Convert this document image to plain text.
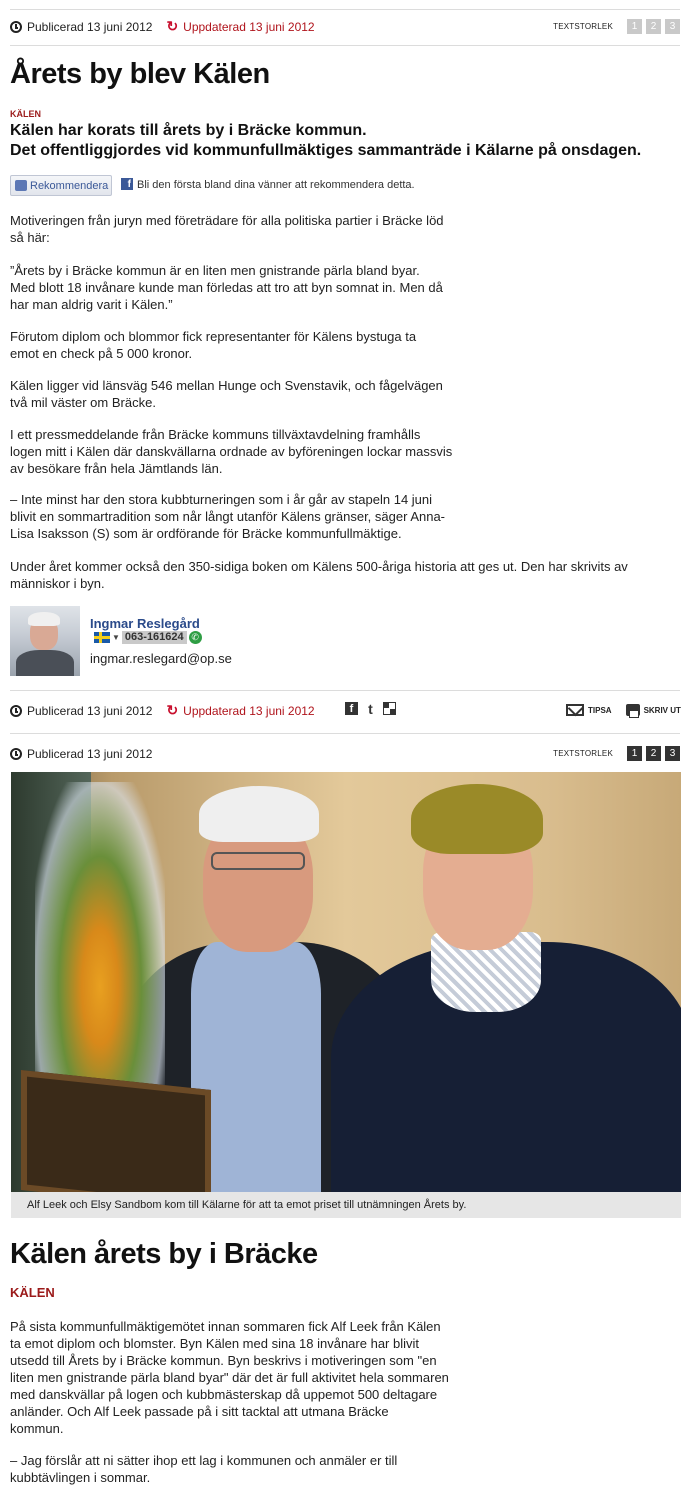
Publicerad 13 juni 2012 ↻ Uppdaterad 13 juni 2012	TEXTSTORLEK	1	2	3
Årets by blev Kälen
KÄLEN
Kälen har korats till årets by i Bräcke kommun.
Det offentliggjordes vid kommunfullmäktiges sammanträde i Kälarne på onsdagen.
Rekommendera	f Bli den första bland dina vänner att rekommendera detta.
Motiveringen från juryn med företrädare för alla politiska partier i Bräcke löd
så här:
”Årets by i Bräcke kommun är en liten men gnistrande pärla bland byar.
Med blott 18 invånare kunde man förledas att tro att byn somnat in. Men då
har man aldrig varit i Kälen.”
Förutom diplom och blommor fick representanter för Kälens bystuga ta
emot en check på 5 000 kronor.
Kälen ligger vid länsväg 546 mellan Hunge och Svenstavik, och fågelvägen
två mil väster om Bräcke.
I ett pressmeddelande från Bräcke kommuns tillväxtavdelning framhålls
logen mitt i Kälen där danskvällarna ordnade av byföreningen lockar massvis
av besökare från hela Jämtlands län.
– Inte minst har den stora kubbturneringen som i år går av stapeln 14 juni
blivit en sommartradition som når långt utanför Kälens gränser, säger Anna-
Lisa Isaksson (S) som är ordförande för Bräcke kommunfullmäktige.
Under året kommer också den 350-sidiga boken om Kälens 500-åriga historia att ges ut. Den har skrivits av
människor i byn.
Ingmar Reslegård
▼ 063-161624 ✆
ingmar.reslegard@op.se
Publicerad 13 juni 2012 ↻ Uppdaterad 13 juni 2012	f	t	TIPSA	SKRIV UT
Publicerad 13 juni 2012	TEXTSTORLEK	1	2	3
Alf Leek och Elsy Sandbom kom till Kälarne för att ta emot priset till utnämningen Årets by.
Kälen årets by i Bräcke
KÄLEN
På sista kommunfullmäktigemötet innan sommaren fick Alf Leek från Kälen
ta emot diplom och blomster. Byn Kälen med sina 18 invånare har blivit
utsedd till Årets by i Bräcke kommun. Byn beskrivs i motiveringen som "en
liten men gnistrande pärla bland byar" där det är full aktivitet hela sommaren
med danskvällar på logen och kubbmästerskap då uppemot 500 deltagare
anländer. Och Alf Leek passade på i sitt tacktal att utmana Bräcke
kommun.
– Jag förslår att ni sätter ihop ett lag i kommunen och anmäler er till
kubbtävlingen i sommar.
